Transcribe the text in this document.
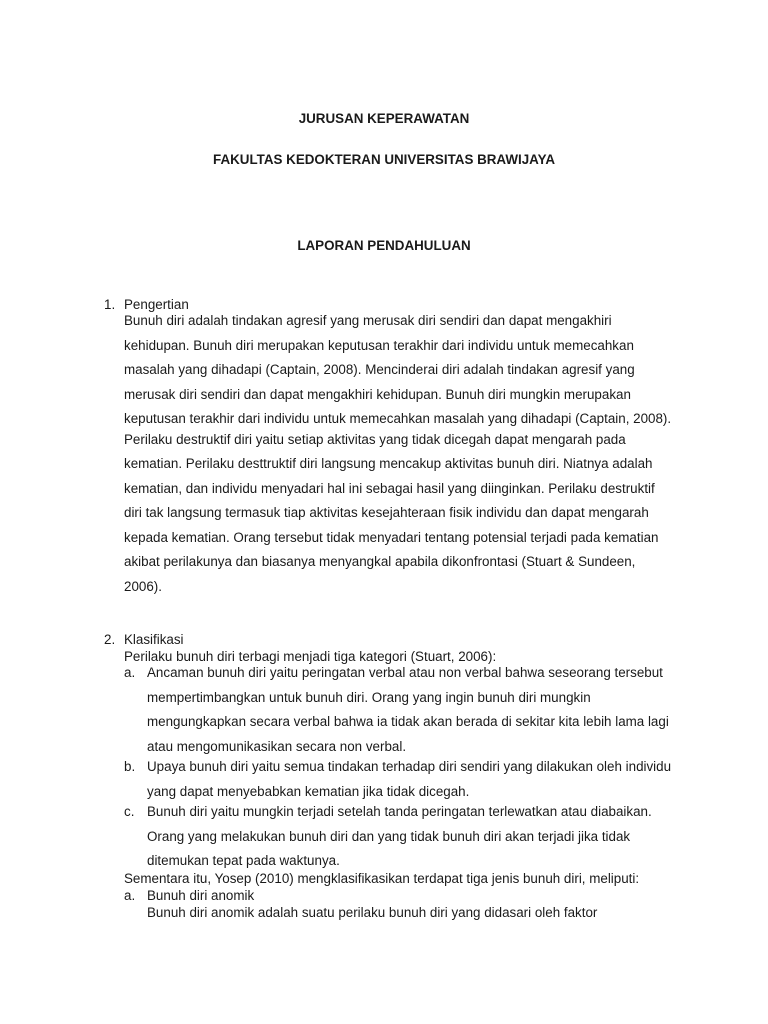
JURUSAN KEPERAWATAN

FAKULTAS KEDOKTERAN UNIVERSITAS BRAWIJAYA

LAPORAN PENDAHULUAN

1. Pengertian

Bunuh diri adalah tindakan agresif yang merusak diri sendiri dan dapat mengakhiri kehidupan. Bunuh diri merupakan keputusan terakhir dari individu untuk memecahkan masalah yang dihadapi (Captain, 2008). Mencinderai diri adalah tindakan agresif yang merusak diri sendiri dan dapat mengakhiri kehidupan. Bunuh diri mungkin merupakan keputusan terakhir dari individu untuk memecahkan masalah yang dihadapi (Captain, 2008).

Perilaku destruktif diri yaitu setiap aktivitas yang tidak dicegah dapat mengarah pada kematian. Perilaku desttruktif diri langsung mencakup aktivitas bunuh diri. Niatnya adalah kematian, dan individu menyadari hal ini sebagai hasil yang diinginkan. Perilaku destruktif diri tak langsung termasuk tiap aktivitas kesejahteraan fisik individu dan dapat mengarah kepada kematian. Orang tersebut tidak menyadari tentang potensial terjadi pada kematian akibat perilakunya dan biasanya menyangkal apabila dikonfrontasi (Stuart & Sundeen, 2006).

2. Klasifikasi

Perilaku bunuh diri terbagi menjadi tiga kategori (Stuart, 2006):

a. Ancaman bunuh diri yaitu peringatan verbal atau non verbal bahwa seseorang tersebut mempertimbangkan untuk bunuh diri. Orang yang ingin bunuh diri mungkin mengungkapkan secara verbal bahwa ia tidak akan berada di sekitar kita lebih lama lagi atau mengomunikasikan secara non verbal.
b. Upaya bunuh diri yaitu semua tindakan terhadap diri sendiri yang dilakukan oleh individu yang dapat menyebabkan kematian jika tidak dicegah.
c. Bunuh diri yaitu mungkin terjadi setelah tanda peringatan terlewatkan atau diabaikan. Orang yang melakukan bunuh diri dan yang tidak bunuh diri akan terjadi jika tidak ditemukan tepat pada waktunya.

Sementara itu, Yosep (2010) mengklasifikasikan terdapat tiga jenis bunuh diri, meliputi:

a. Bunuh diri anomik
Bunuh diri anomik adalah suatu perilaku bunuh diri yang didasari oleh faktor
